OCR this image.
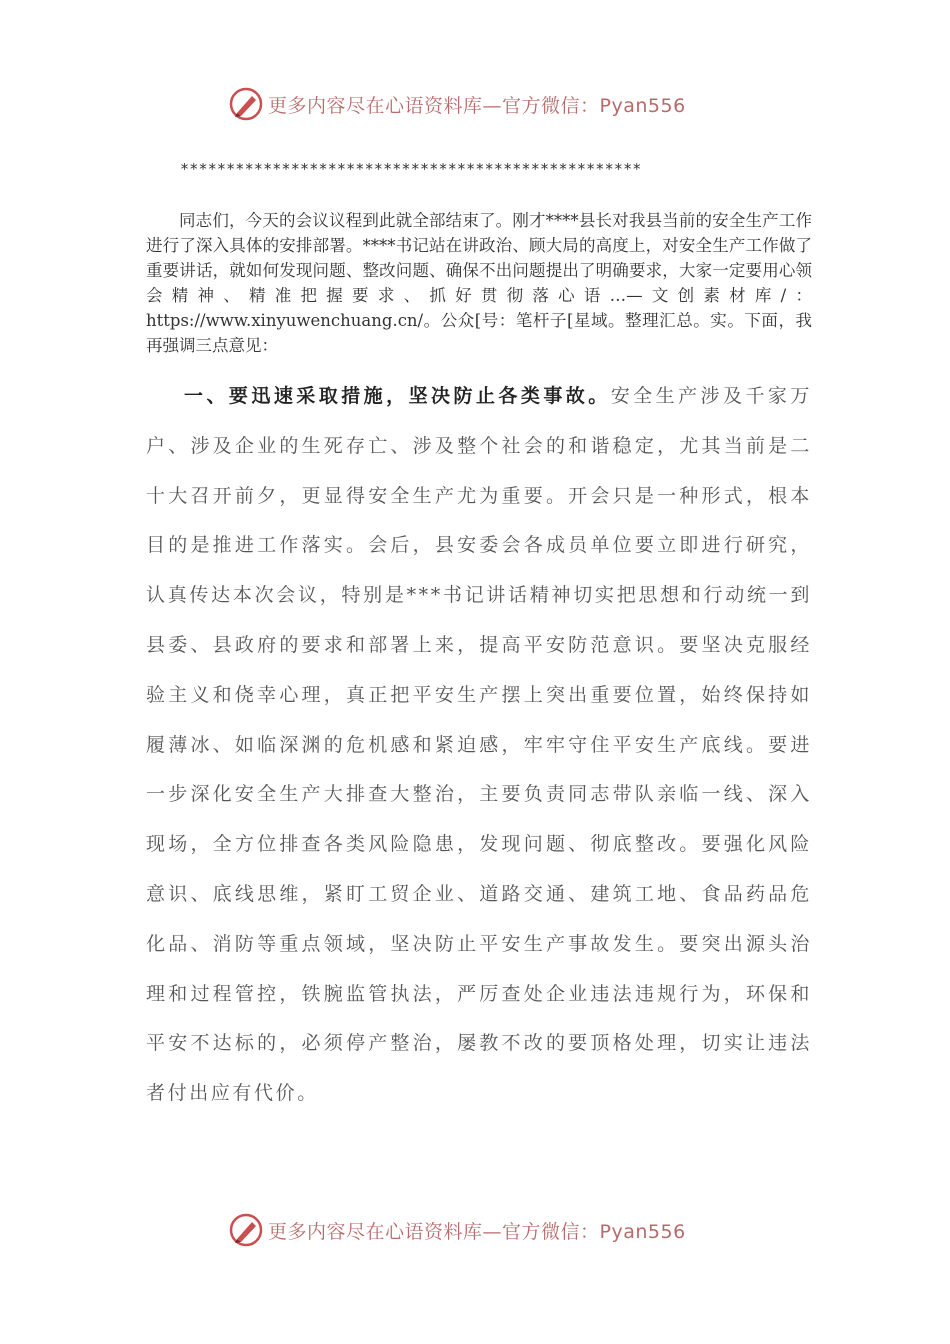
更多内容尽在心语资料库—官方微信：Pyan556
**************************************************

同志们，今天的会议议程到此就全部结束了。刚才****县长对我县当前的安全生产工作进行了深入具体的安排部署。****书记站在讲政治、顾大局的高度上，对安全生产工作做了重要讲话，就如何发现问题、整改问题、确保不出问题提出了明确要求，大家一定要用心领会精神、精准把握要求、抓好贯彻落心语…—文创素材库/：https://www.xinyuwenchuang.cn/。公众[号：笔杆子[星域。整理汇总。实。下面，我再强调三点意见：

一、要迅速采取措施，坚决防止各类事故。安全生产涉及千家万户、涉及企业的生死存亡、涉及整个社会的和谐稳定，尤其当前是二十大召开前夕，更显得安全生产尤为重要。开会只是一种形式，根本目的是推进工作落实。会后，县安委会各成员单位要立即进行研究，认真传达本次会议，特别是***书记讲话精神切实把思想和行动统一到县委、县政府的要求和部署上来，提高平安防范意识。要坚决克服经验主义和侥幸心理，真正把平安生产摆上突出重要位置，始终保持如履薄冰、如临深渊的危机感和紧迫感，牢牢守住平安生产底线。要进一步深化安全生产大排查大整治，主要负责同志带队亲临一线、深入现场，全方位排查各类风险隐患，发现问题、彻底整改。要强化风险意识、底线思维，紧盯工贸企业、道路交通、建筑工地、食品药品危化品、消防等重点领域，坚决防止平安生产事故发生。要突出源头治理和过程管控，铁腕监管执法，严厉查处企业违法违规行为，环保和平安不达标的，必须停产整治，屡教不改的要顶格处理，切实让违法者付出应有代价。

更多内容尽在心语资料库—官方微信：Pyan556
